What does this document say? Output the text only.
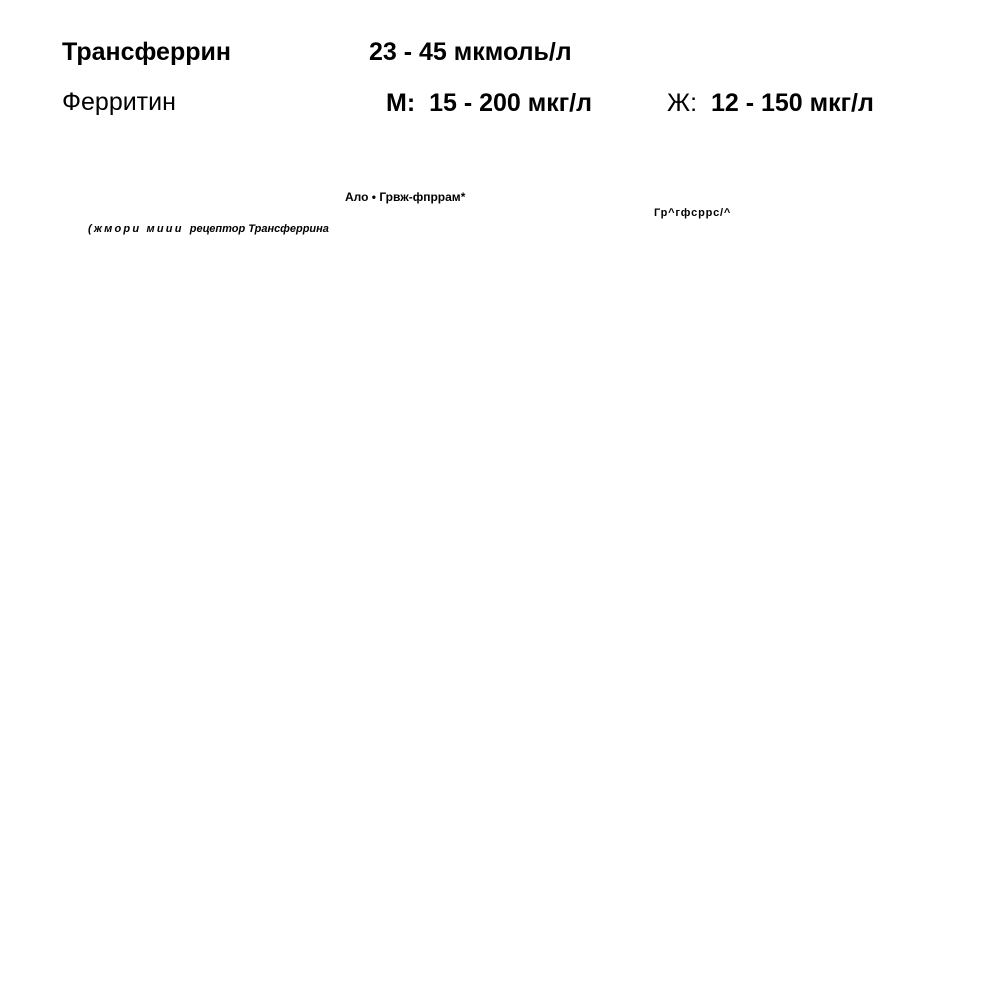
Трансферрин	23 - 45 мкмоль/л
Ферритин	М: 15 - 200 мкг/л	Ж: 12 - 150 мкг/л
Ало • Грвж-фпррам*
Гр^гфсррс/^
(жмори миии рецептор Трансферрина
